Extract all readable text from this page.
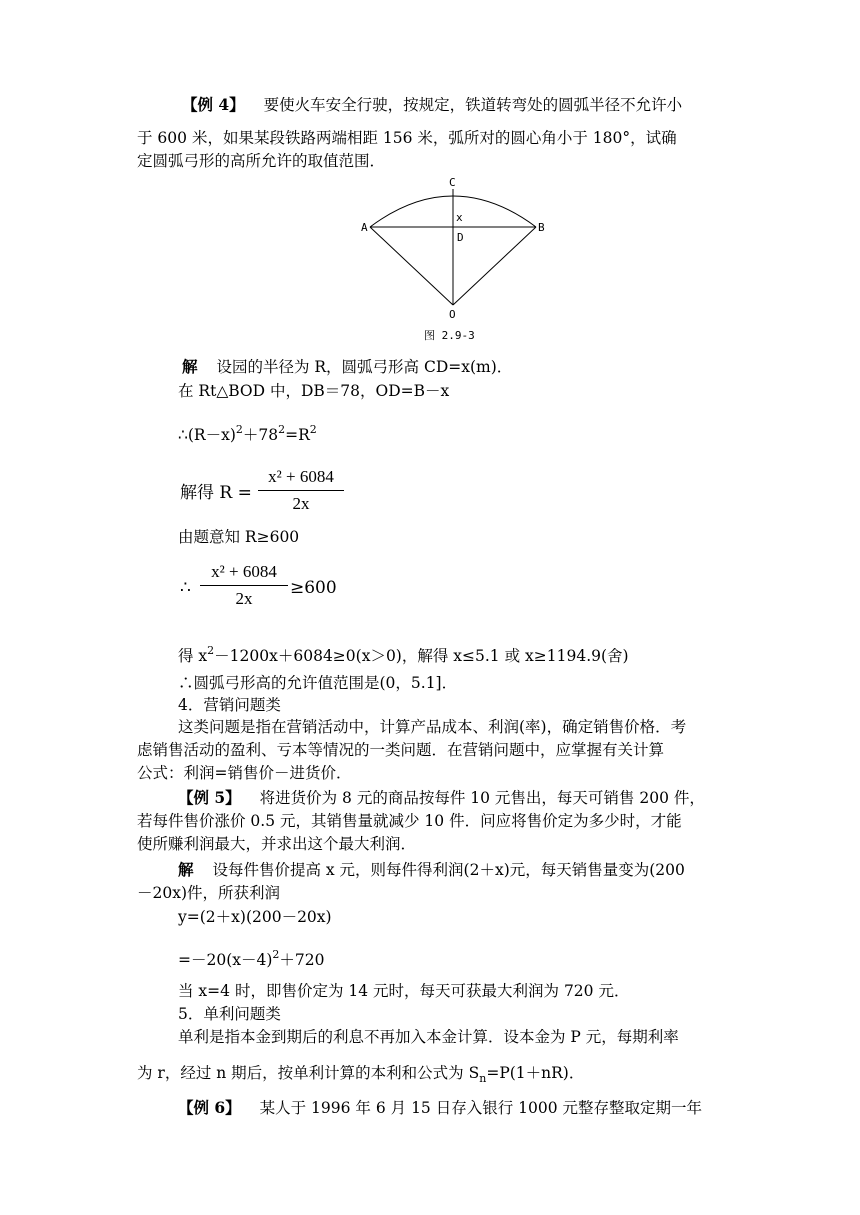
【例 4】 要使火车安全行驶，按规定，铁道转弯处的圆弧半径不允许小
于 600 米，如果某段铁路两端相距 156 米，弧所对的圆心角小于 180°，试确
定圆弧弓形的高所允许的取值范围．
A	B
C
x
D
O
图 2.9-3
解 设园的半径为 R，圆弧弓形高 CD=x(m)．
在 Rt△BOD 中，DB＝78，OD=B－x
$\therefore(R-x)^2+78^2=R^2$
解得 R =
x² + 6084
2x
由题意知 R≥600
∴
x² + 6084
2x
≥600
得 $x^2-1200x+6084\ge 0(x>0)$，解得 x≤5.1 或 x≥1194.9(舍)
∴圆弧弓形高的允许值范围是(0，5.1]．
4．营销问题类
这类问题是指在营销活动中，计算产品成本、利润(率)，确定销售价格．考
虑销售活动的盈利、亏本等情况的一类问题．在营销问题中，应掌握有关计算
公式：利润=销售价－进货价．
【例 5】 将进货价为 8 元的商品按每件 10 元售出，每天可销售 200 件，
若每件售价涨价 0.5 元，其销售量就减少 10 件．问应将售价定为多少时，才能
使所赚利润最大，并求出这个最大利润．
解 设每件售价提高 x 元，则每件得利润(2＋x)元，每天销售量变为(200
－20x)件，所获利润
y=(2＋x)(200－20x)
$=-20(x-4)^2+720$
当 x=4 时，即售价定为 14 元时，每天可获最大利润为 720 元．
5．单利问题类
单利是指本金到期后的利息不再加入本金计算．设本金为 P 元，每期利率
为 r，经过 n 期后，按单利计算的本利和公式为 $S_n=P(1+nR)$．
【例 6】 某人于 1996 年 6 月 15 日存入银行 1000 元整存整取定期一年
